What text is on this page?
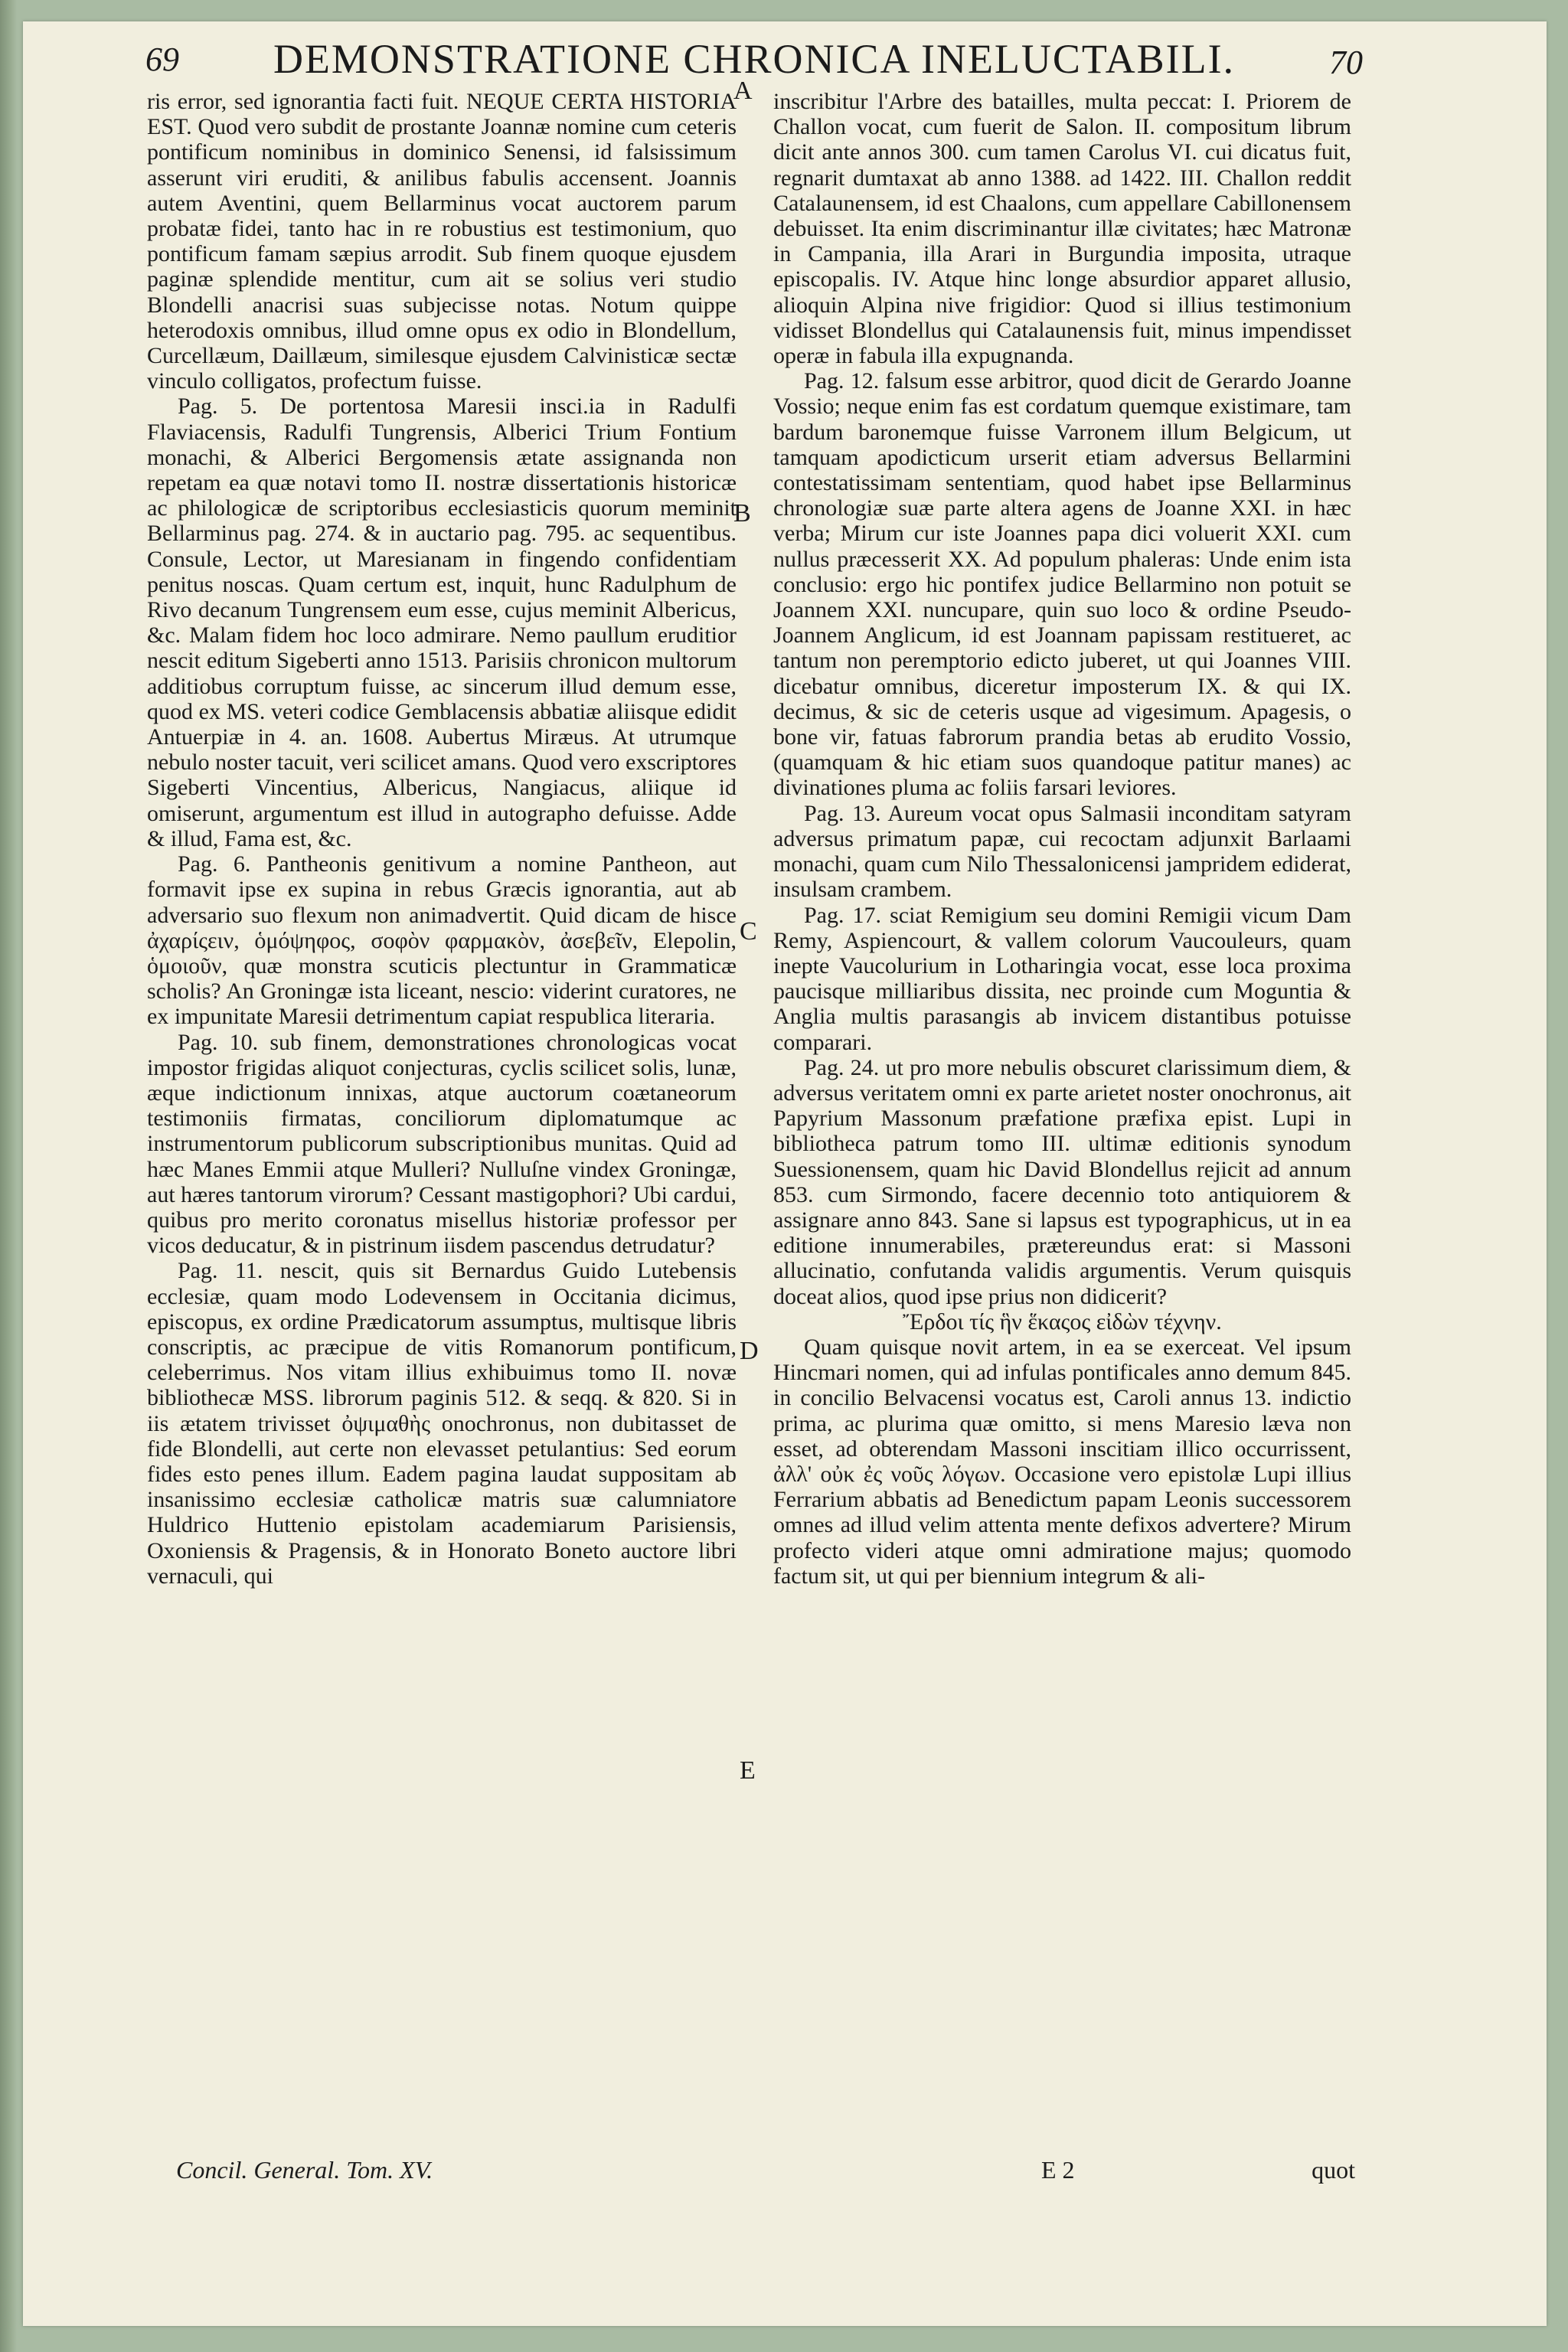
69	DEMONSTRATIONE CHRONICA INELUCTABILI.	70

ris error, sed ignorantia facti fuit. NEQUE CERTA HISTORIA EST. Quod vero subdit de prostante Joannæ nomine cum ceteris pontificum nominibus in dominico Senensi, id falsissimum asserunt viri eruditi, & anilibus fabulis accensent. Joannis autem Aventini, quem Bellarminus vocat auctorem parum probatæ fidei, tanto hac in re robustius est testimonium, quo pontificum famam sæpius arrodit. Sub finem quoque ejusdem paginæ splendide mentitur, cum ait se solius veri studio Blondelli anacrisi suas subjecisse notas. Notum quippe heterodoxis omnibus, illud omne opus ex odio in Blondellum, Curcellæum, Daillæum, similesque ejusdem Calvinisticæ sectæ vinculo colligatos, profectum fuisse.

Pag. 5. De portentosa Maresii insci.ia in Radulfi Flaviacensis, Radulfi Tungrensis, Alberici Trium Fontium monachi, & Alberici Bergomensis ætate assignanda non repetam ea quæ notavi tomo II. nostræ dissertationis historicæ ac philologicæ de scriptoribus ecclesiasticis quorum meminit Bellarminus pag. 274. & in auctario pag. 795. ac sequentibus. Consule, Lector, ut Maresianam in fingendo confidentiam penitus noscas. Quam certum est, inquit, hunc Radulphum de Rivo decanum Tungrensem eum esse, cujus meminit Albericus, &c. Malam fidem hoc loco admirare. Nemo paullum eruditior nescit editum Sigeberti anno 1513. Parisiis chronicon multorum additiobus corruptum fuisse, ac sincerum illud demum esse, quod ex MS. veteri codice Gemblacensis abbatiæ aliisque edidit Antuerpiæ in 4. an. 1608. Aubertus Miræus. At utrumque nebulo noster tacuit, veri scilicet amans. Quod vero exscriptores Sigeberti Vincentius, Albericus, Nangiacus, aliique id omiserunt, argumentum est illud in autographo defuisse. Adde & illud, Fama est, &c.

Pag. 6. Pantheonis genitivum a nomine Pantheon, aut formavit ipse ex supina in rebus Græcis ignorantia, aut ab adversario suo flexum non animadvertit. Quid dicam de hisce ἀχαρίςειν, ὁμόψηφος, σοφὸν φαρμακὸν, ἀσεβεῖν, Elepolin, ὁμοιοῦν, quæ monstra scuticis plectuntur in Grammaticæ scholis? An Groningæ ista liceant, nescio: viderint curatores, ne ex impunitate Maresii detrimentum capiat respublica literaria.

Pag. 10. sub finem, demonstrationes chronologicas vocat impostor frigidas aliquot conjecturas, cyclis scilicet solis, lunæ, æque indictionum innixas, atque auctorum coætaneorum testimoniis firmatas, conciliorum diplomatumque ac instrumentorum publicorum subscriptionibus munitas. Quid ad hæc Manes Emmii atque Mulleri? Nulluſne vindex Groningæ, aut hæres tantorum virorum? Cessant mastigophori? Ubi cardui, quibus pro merito coronatus misellus historiæ professor per vicos deducatur, & in pistrinum iisdem pascendus detrudatur?

Pag. 11. nescit, quis sit Bernardus Guido Lutebensis ecclesiæ, quam modo Lodevensem in Occitania dicimus, episcopus, ex ordine Prædicatorum assumptus, multisque libris conscriptis, ac præcipue de vitis Romanorum pontificum, celeberrimus. Nos vitam illius exhibuimus tomo II. novæ bibliothecæ MSS. librorum paginis 512. & seqq. & 820. Si in iis ætatem trivisset ὀψιμαθὴς onochronus, non dubitasset de fide Blondelli, aut certe non elevasset petulantius: Sed eorum fides esto penes illum. Eadem pagina laudat suppositam ab insanissimo ecclesiæ catholicæ matris suæ calumniatore Huldrico Huttenio epistolam academiarum Parisiensis, Oxoniensis & Pragensis, & in Honorato Boneto auctore libri vernaculi, qui

inscribitur l'Arbre des batailles, multa peccat: I. Priorem de Challon vocat, cum fuerit de Salon. II. compositum librum dicit ante annos 300. cum tamen Carolus VI. cui dicatus fuit, regnarit dumtaxat ab anno 1388. ad 1422. III. Challon reddit Catalaunensem, id est Chaalons, cum appellare Cabillonensem debuisset. Ita enim discriminantur illæ civitates; hæc Matronæ in Campania, illa Arari in Burgundia imposita, utraque episcopalis. IV. Atque hinc longe absurdior apparet allusio, alioquin Alpina nive frigidior: Quod si illius testimonium vidisset Blondellus qui Catalaunensis fuit, minus impendisset operæ in fabula illa expugnanda.

Pag. 12. falsum esse arbitror, quod dicit de Gerardo Joanne Vossio; neque enim fas est cordatum quemque existimare, tam bardum baronemque fuisse Varronem illum Belgicum, ut tamquam apodicticum urserit etiam adversus Bellarmini contestatissimam sententiam, quod habet ipse Bellarminus chronologiæ suæ parte altera agens de Joanne XXI. in hæc verba; Mirum cur iste Joannes papa dici voluerit XXI. cum nullus præcesserit XX. Ad populum phaleras: Unde enim ista conclusio: ergo hic pontifex judice Bellarmino non potuit se Joannem XXI. nuncupare, quin suo loco & ordine Pseudo-Joannem Anglicum, id est Joannam papissam restitueret, ac tantum non peremptorio edicto juberet, ut qui Joannes VIII. dicebatur omnibus, diceretur imposterum IX. & qui IX. decimus, & sic de ceteris usque ad vigesimum. Apagesis, o bone vir, fatuas fabrorum prandia betas ab erudito Vossio, (quamquam & hic etiam suos quandoque patitur manes) ac divinationes pluma ac foliis farsari leviores.

Pag. 13. Aureum vocat opus Salmasii inconditam satyram adversus primatum papæ, cui recoctam adjunxit Barlaami monachi, quam cum Nilo Thessalonicensi jampridem ediderat, insulsam crambem.

Pag. 17. sciat Remigium seu domini Remigii vicum Dam Remy, Aspiencourt, & vallem colorum Vaucouleurs, quam inepte Vaucolurium in Lotharingia vocat, esse loca proxima paucisque milliaribus dissita, nec proinde cum Moguntia & Anglia multis parasangis ab invicem distantibus potuisse comparari.

Pag. 24. ut pro more nebulis obscuret clarissimum diem, & adversus veritatem omni ex parte arietet noster onochronus, ait Papyrium Massonum præfatione præfixa epist. Lupi in bibliotheca patrum tomo III. ultimæ editionis synodum Suessionensem, quam hic David Blondellus rejicit ad annum 853. cum Sirmondo, facere decennio toto antiquiorem & assignare anno 843. Sane si lapsus est typographicus, ut in ea editione innumerabiles, prætereundus erat: si Massoni allucinatio, confutanda validis argumentis. Verum quisquis doceat alios, quod ipse prius non didicerit?

Ἔρδοι τίς ἣν ἕκαςος εἰδὼν τέχνην.

Quam quisque novit artem, in ea se exerceat. Vel ipsum Hincmari nomen, qui ad infulas pontificales anno demum 845. in concilio Belvacensi vocatus est, Caroli annus 13. indictio prima, ac plurima quæ omitto, si mens Maresio læva non esset, ad obterendam Massoni inscitiam illico occurrissent, ἀλλ' οὐκ ἐς νοῦς λόγων. Occasione vero epistolæ Lupi illius Ferrarium abbatis ad Benedictum papam Leonis successorem omnes ad illud velim attenta mente defixos advertere? Mirum profecto videri atque omni admiratione majus; quomodo factum sit, ut qui per biennium integrum & ali-

A
B
C
D
E
Concil. General. Tom. XV.	E 2	quot
